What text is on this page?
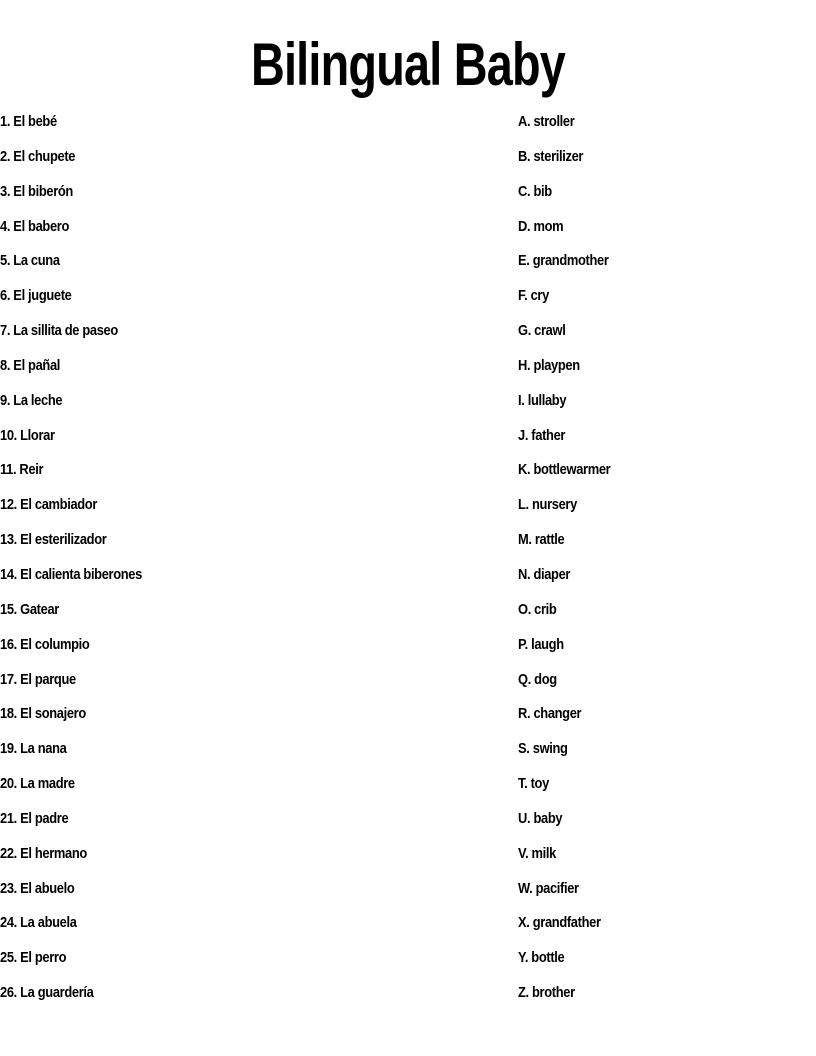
Bilingual Baby
1. El bebé
2. El chupete
3. El biberón
4. El babero
5. La cuna
6. El juguete
7. La sillita de paseo
8. El pañal
9. La leche
10. Llorar
11. Reir
12. El cambiador
13. El esterilizador
14. El calienta biberones
15. Gatear
16. El columpio
17. El parque
18. El sonajero
19. La nana
20. La madre
21. El padre
22. El hermano
23. El abuelo
24. La abuela
25. El perro
26. La guardería
A. stroller
B. sterilizer
C. bib
D. mom
E. grandmother
F. cry
G. crawl
H. playpen
I. lullaby
J. father
K. bottlewarmer
L. nursery
M. rattle
N. diaper
O. crib
P. laugh
Q. dog
R. changer
S. swing
T. toy
U. baby
V. milk
W. pacifier
X. grandfather
Y. bottle
Z. brother
